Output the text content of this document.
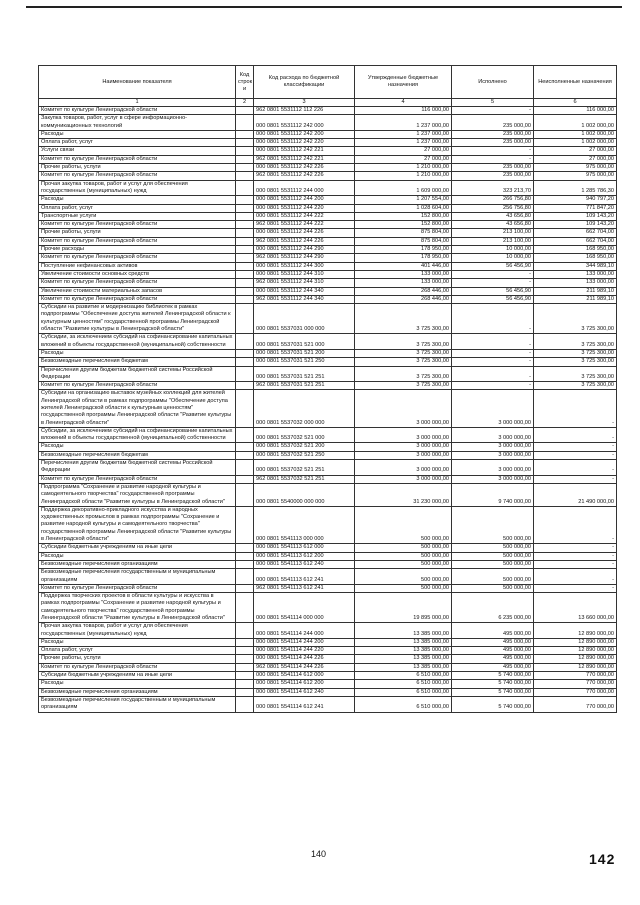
Наименование показателя	Код строк и	Код расхода по бюджетной классификации	Утвержденные бюджетные назначения	Исполнено	Неисполненные назначения
1	2	3	4	5	6
Комитет по культуре Ленинградской области		962 0801 5531112 112 226	116 000,00	-	116 000,00
Закупка товаров, работ, услуг в сфере информационно-коммуникационных технологий		000 0801 5531112 242 000	1 237 000,00	235 000,00	1 002 000,00
Расходы		000 0801 5531112 242 200	1 237 000,00	235 000,00	1 002 000,00
Оплата работ, услуг		000 0801 5531112 242 220	1 237 000,00	235 000,00	1 002 000,00
Услуги связи		000 0801 5531112 242 221	27 000,00	-	27 000,00
Комитет по культуре Ленинградской области		962 0801 5531112 242 221	27 000,00	-	27 000,00
Прочие работы, услуги		000 0801 5531112 242 226	1 210 000,00	235 000,00	975 000,00
Комитет по культуре Ленинградской области		962 0801 5531112 242 226	1 210 000,00	235 000,00	975 000,00
Прочая закупка товаров, работ и услуг для обеспечения государственных (муниципальных) нужд		000 0801 5531112 244 000	1 609 000,00	323 213,70	1 285 786,30
Расходы		000 0801 5531112 244 200	1 207 554,00	266 756,80	940 797,20
Оплата работ, услуг		000 0801 5531112 244 220	1 028 604,00	256 756,80	771 847,20
Транспортные услуги		000 0801 5531112 244 222	152 800,00	43 656,80	109 143,20
Комитет по культуре Ленинградской области		962 0801 5531112 244 222	152 800,00	43 656,80	109 143,20
Прочие работы, услуги		000 0801 5531112 244 226	875 804,00	213 100,00	662 704,00
Комитет по культуре Ленинградской области		962 0801 5531112 244 226	875 804,00	213 100,00	662 704,00
Прочие расходы		000 0801 5531112 244 290	178 950,00	10 000,00	168 950,00
Комитет по культуре Ленинградской области		962 0801 5531112 244 290	178 950,00	10 000,00	168 950,00
Поступление нефинансовых активов		000 0801 5531112 244 300	401 446,00	56 456,90	344 989,10
Увеличение стоимости основных средств		000 0801 5531112 244 310	133 000,00	-	133 000,00
Комитет по культуре Ленинградской области		962 0801 5531112 244 310	133 000,00	-	133 000,00
Увеличение стоимости материальных запасов		000 0801 5531112 244 340	268 446,00	56 456,90	211 989,10
Комитет по культуре Ленинградской области		962 0801 5531112 244 340	268 446,00	56 456,90	211 989,10
Субсидии на развитие и модернизацию библиотек в рамках подпрограммы "Обеспечение доступа жителей Ленинградской области к культурным ценностям" государственной программы Ленинградской области "Развитие культуры в Ленинградской области"		000 0801 5537031 000 000	3 725 300,00	-	3 725 300,00
Субсидии, за исключением субсидий на софинансирование капитальных вложений в объекты государственной (муниципальной) собственности		000 0801 5537031 521 000	3 725 300,00	-	3 725 300,00
Расходы		000 0801 5537031 521 200	3 725 300,00	-	3 725 300,00
Безвозмездные перечисления бюджетам		000 0801 5537031 521 250	3 725 300,00	-	3 725 300,00
Перечисления другим бюджетам бюджетной системы Российской Федерации		000 0801 5537031 521 251	3 725 300,00	-	3 725 300,00
Комитет по культуре Ленинградской области		962 0801 5537031 521 251	3 725 300,00	-	3 725 300,00
Субсидии на организацию выставок музейных коллекций для жителей Ленинградской области в рамках подпрограммы "Обеспечение доступа жителей Ленинградской области к культурным ценностям" государственной программы Ленинградской области "Развитие культуры в Ленинградской области"		000 0801 5537032 000 000	3 000 000,00	3 000 000,00	-
Субсидии, за исключением субсидий на софинансирование капитальных вложений в объекты государственной (муниципальной) собственности		000 0801 5537032 521 000	3 000 000,00	3 000 000,00	-
Расходы		000 0801 5537032 521 200	3 000 000,00	3 000 000,00	-
Безвозмездные перечисления бюджетам		000 0801 5537032 521 250	3 000 000,00	3 000 000,00	-
Перечисления другим бюджетам бюджетной системы Российской Федерации		000 0801 5537032 521 251	3 000 000,00	3 000 000,00	-
Комитет по культуре Ленинградской области		962 0801 5537032 521 251	3 000 000,00	3 000 000,00	-
Подпрограмма "Сохранение и развитие народной культуры и самодеятельного творчества" государственной программы Ленинградской области "Развитие культуры в Ленинградской области"		000 0801 5540000 000 000	31 230 000,00	9 740 000,00	21 490 000,00
Поддержка декоративно-прикладного искусства и народных художественных промыслов в рамках подпрограммы "Сохранение и развитие народной культуры и самодеятельного творчества" государственной программы Ленинградской области "Развитие культуры в Ленинградской области"		000 0801 5541113 000 000	500 000,00	500 000,00	-
Субсидии бюджетным учреждениям на иные цели		000 0801 5541113 612 000	500 000,00	500 000,00	-
Расходы		000 0801 5541113 612 200	500 000,00	500 000,00	-
Безвозмездные перечисления организациям		000 0801 5541113 612 240	500 000,00	500 000,00	-
Безвозмездные перечисления государственным и муниципальным организациям		000 0801 5541113 612 241	500 000,00	500 000,00	-
Комитет по культуре Ленинградской области		962 0801 5541113 612 241	500 000,00	500 000,00	-
Поддержка творческих проектов в области культуры и искусства в рамках подпрограммы "Сохранение и развитие народной культуры и самодеятельного творчества" государственной программы Ленинградской области "Развитие культуры в Ленинградской области"		000 0801 5541114 000 000	19 895 000,00	6 235 000,00	13 660 000,00
Прочая закупка товаров, работ и услуг для обеспечения государственных (муниципальных) нужд		000 0801 5541114 244 000	13 385 000,00	495 000,00	12 890 000,00
Расходы		000 0801 5541114 244 200	13 385 000,00	495 000,00	12 890 000,00
Оплата работ, услуг		000 0801 5541114 244 220	13 385 000,00	495 000,00	12 890 000,00
Прочие работы, услуги		000 0801 5541114 244 226	13 385 000,00	495 000,00	12 890 000,00
Комитет по культуре Ленинградской области		962 0801 5541114 244 226	13 385 000,00	495 000,00	12 890 000,00
Субсидии бюджетным учреждениям на иные цели		000 0801 5541114 612 000	6 510 000,00	5 740 000,00	770 000,00
Расходы		000 0801 5541114 612 200	6 510 000,00	5 740 000,00	770 000,00
Безвозмездные перечисления организациям		000 0801 5541114 612 240	6 510 000,00	5 740 000,00	770 000,00
Безвозмездные перечисления государственным и муниципальным организациям		000 0801 5541114 612 241	6 510 000,00	5 740 000,00	770 000,00
140	142
